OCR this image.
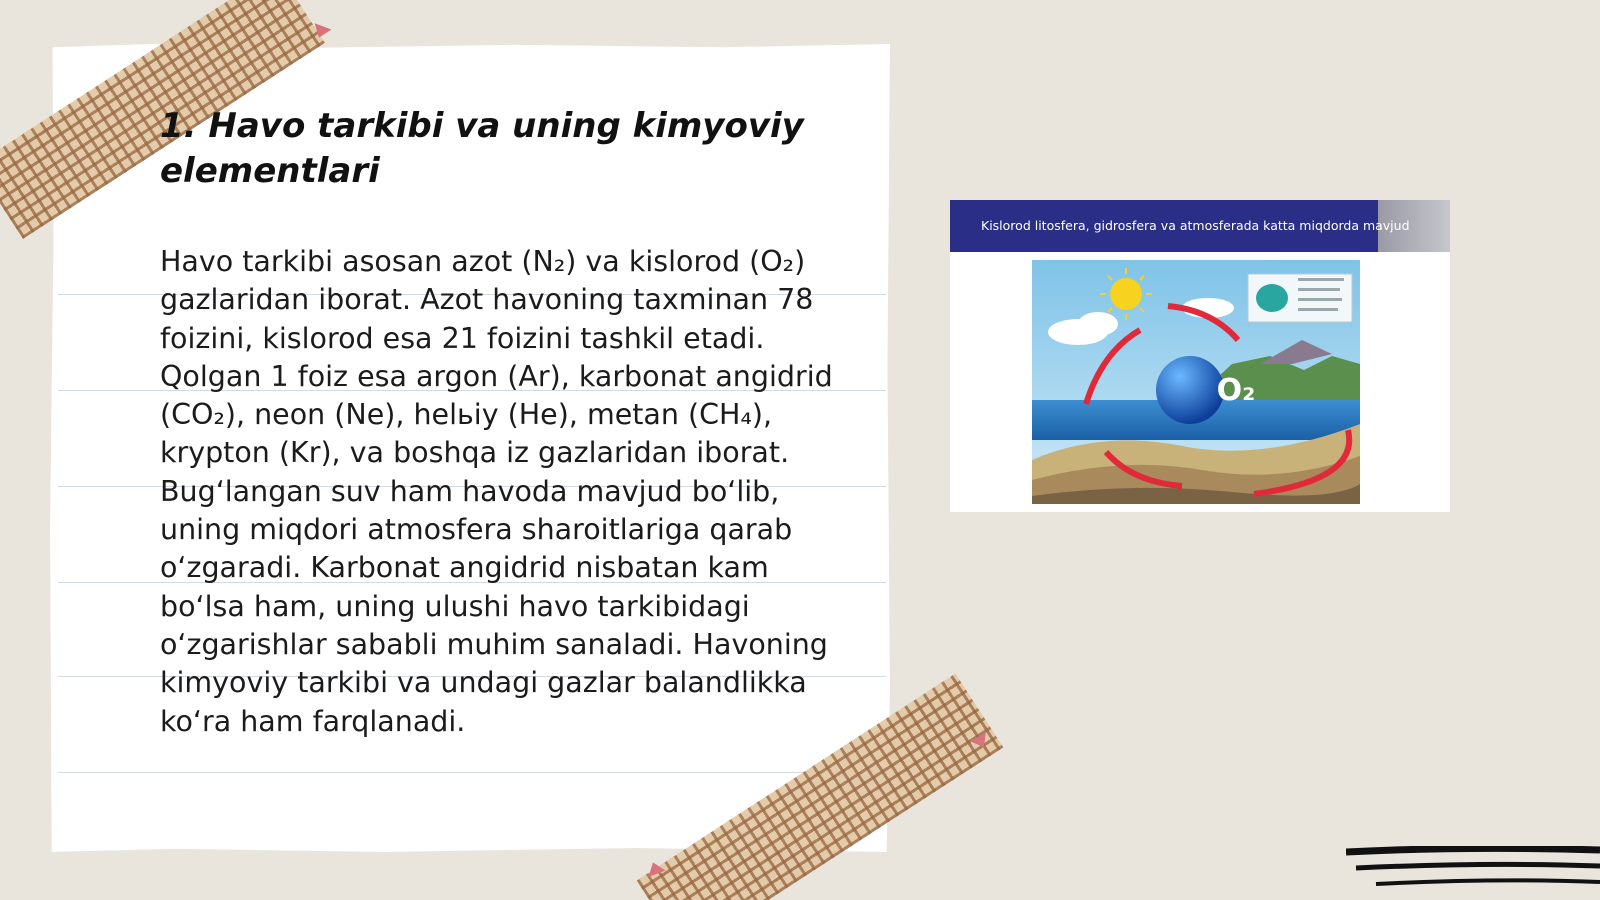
1. Havo tarkibi va uning kimyoviy elementlari

Havo tarkibi asosan azot (N₂) va kislorod (O₂) gazlaridan iborat. Azot havoning taxminan 78 foizini, kislorod esa 21 foizini tashkil etadi. Qolgan 1 foiz esa argon (Ar), karbonat angidrid (CO₂), neon (Ne), helьiy (He), metan (CH₄), krypton (Kr), va boshqa iz gazlaridan iborat. Bugʻlangan suv ham havoda mavjud boʻlib, uning miqdori atmosfera sharoitlariga qarab oʻzgaradi. Karbonat angidrid nisbatan kam boʻlsa ham, uning ulushi havo tarkibidagi oʻzgarishlar sababli muhim sanaladi. Havoning kimyoviy tarkibi va undagi gazlar balandlikka koʻra ham farqlanadi.

Kislorod litosfera, gidrosfera va atmosferada katta miqdorda mavjud
O₂
